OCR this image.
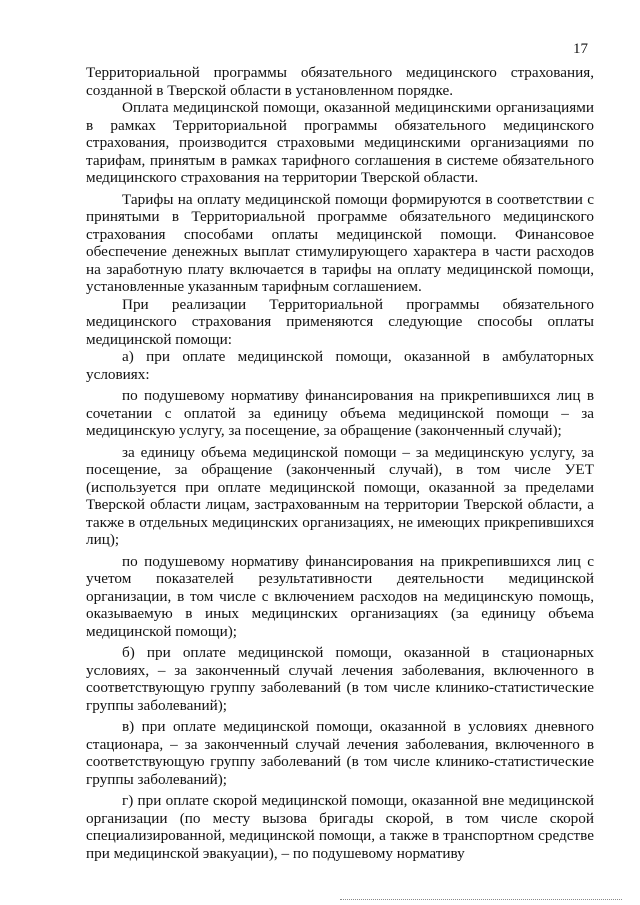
17

Территориальной программы обязательного медицинского страхования, созданной в Тверской области в установленном порядке.

Оплата медицинской помощи, оказанной медицинскими организациями в рамках Территориальной программы обязательного медицинского страхования, производится страховыми медицинскими организациями по тарифам, принятым в рамках тарифного соглашения в системе обязательного медицинского страхования на территории Тверской области.

Тарифы на оплату медицинской помощи формируются в соответствии с принятыми в Территориальной программе обязательного медицинского страхования способами оплаты медицинской помощи. Финансовое обеспечение денежных выплат стимулирующего характера в части расходов на заработную плату включается в тарифы на оплату медицинской помощи, установленные указанным тарифным соглашением.

При реализации Территориальной программы обязательного медицинского страхования применяются следующие способы оплаты медицинской помощи:

а) при оплате медицинской помощи, оказанной в амбулаторных условиях:

по подушевому нормативу финансирования на прикрепившихся лиц в сочетании с оплатой за единицу объема медицинской помощи – за медицинскую услугу, за посещение, за обращение (законченный случай);

за единицу объема медицинской помощи – за медицинскую услугу, за посещение, за обращение (законченный случай), в том числе УЕТ (используется при оплате медицинской помощи, оказанной за пределами Тверской области лицам, застрахованным на территории Тверской области, а также в отдельных медицинских организациях, не имеющих прикрепившихся лиц);

по подушевому нормативу финансирования на прикрепившихся лиц с учетом показателей результативности деятельности медицинской организации, в том числе с включением расходов на медицинскую помощь, оказываемую в иных медицинских организациях (за единицу объема медицинской помощи);

б) при оплате медицинской помощи, оказанной в стационарных условиях, – за законченный случай лечения заболевания, включенного в соответствующую группу заболеваний (в том числе клинико-статистические группы заболеваний);

в) при оплате медицинской помощи, оказанной в условиях дневного стационара, – за законченный случай лечения заболевания, включенного в соответствующую группу заболеваний (в том числе клинико-статистические группы заболеваний);

г) при оплате скорой медицинской помощи, оказанной вне медицинской организации (по месту вызова бригады скорой, в том числе скорой специализированной, медицинской помощи, а также в транспортном средстве при медицинской эвакуации), – по подушевому нормативу
